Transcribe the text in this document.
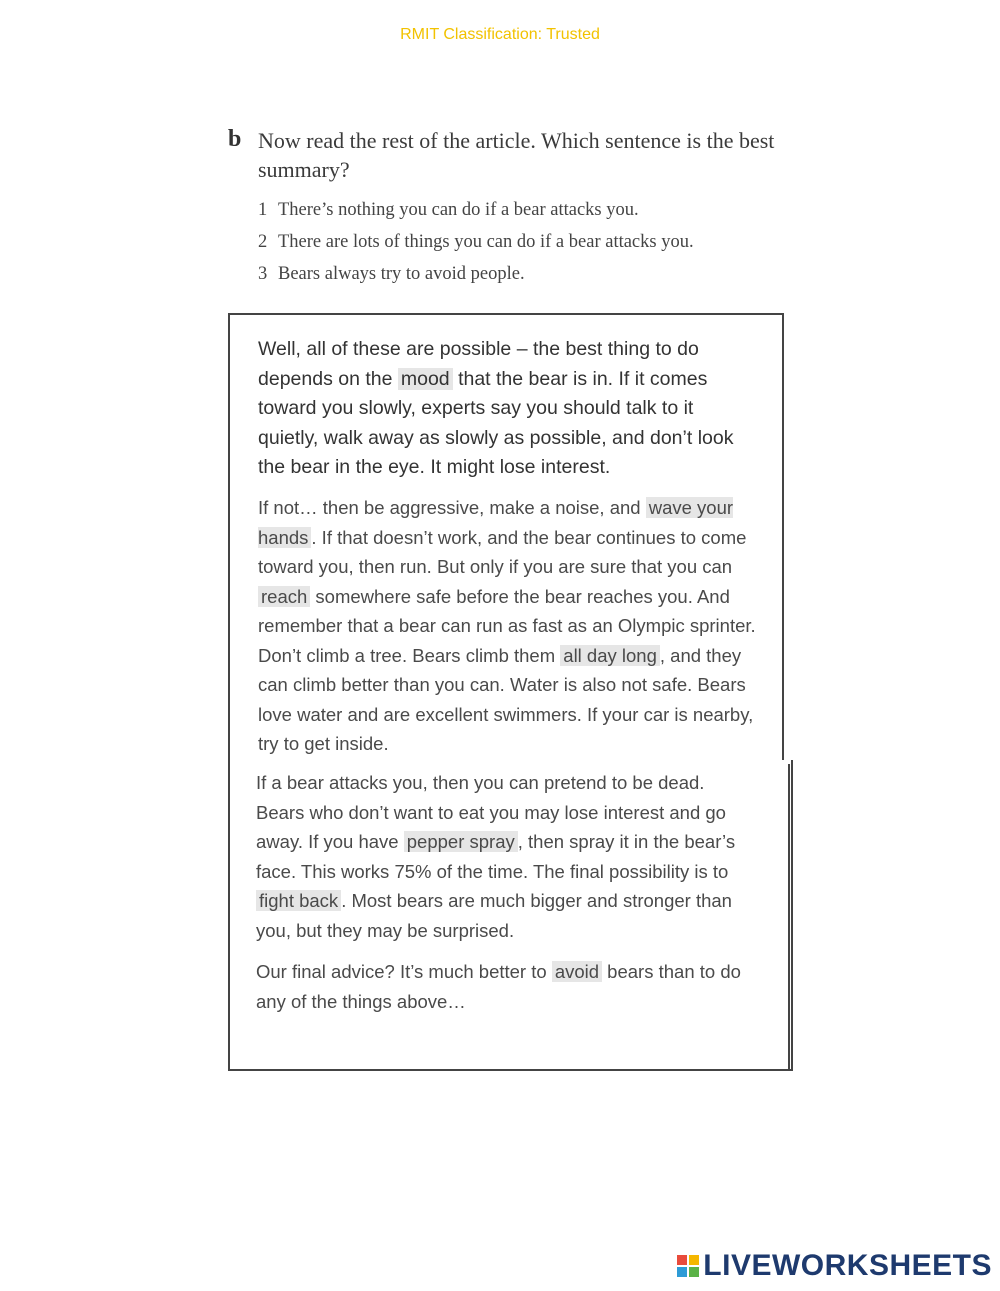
RMIT Classification: Trusted
b Now read the rest of the article. Which sentence is the best summary?
1 There’s nothing you can do if a bear attacks you.
2 There are lots of things you can do if a bear attacks you.
3 Bears always try to avoid people.

Well, all of these are possible – the best thing to do depends on the mood that the bear is in. If it comes toward you slowly, experts say you should talk to it quietly, walk away as slowly as possible, and don’t look the bear in the eye. It might lose interest.

If not… then be aggressive, make a noise, and wave your hands . If that doesn’t work, and the bear continues to come toward you, then run. But only if you are sure that you can reach somewhere safe before the bear reaches you. And remember that a bear can run as fast as an Olympic sprinter. Don’t climb a tree. Bears climb them all day long , and they can climb better than you can. Water is also not safe. Bears love water and are excellent swimmers. If your car is nearby, try to get inside.

If a bear attacks you, then you can pretend to be dead. Bears who don’t want to eat you may lose interest and go away. If you have pepper spray , then spray it in the bear’s face. This works 75% of the time. The final possibility is to fight back . Most bears are much bigger and stronger than you, but they may be surprised.

Our final advice? It’s much better to avoid bears than to do any of the things above…

LIVEWORKSHEETS
